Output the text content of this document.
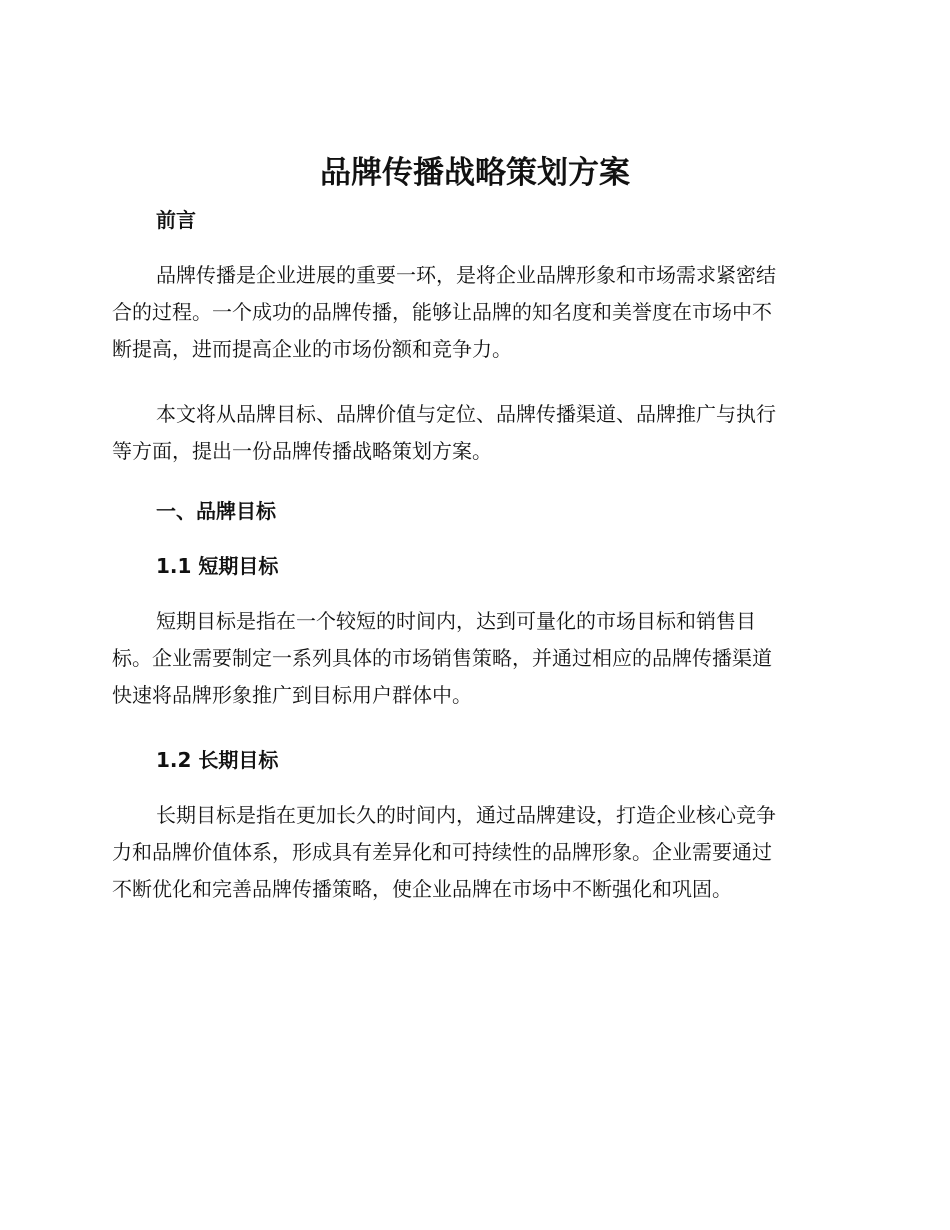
品牌传播战略策划方案
前言

品牌传播是企业进展的重要一环，是将企业品牌形象和市场需求紧密结
合的过程。一个成功的品牌传播，能够让品牌的知名度和美誉度在市场中不
断提高，进而提高企业的市场份额和竞争力。

本文将从品牌目标、品牌价值与定位、品牌传播渠道、品牌推广与执行
等方面，提出一份品牌传播战略策划方案。

一、品牌目标
1.1 短期目标

短期目标是指在一个较短的时间内，达到可量化的市场目标和销售目
标。企业需要制定一系列具体的市场销售策略，并通过相应的品牌传播渠道
快速将品牌形象推广到目标用户群体中。

1.2 长期目标

长期目标是指在更加长久的时间内，通过品牌建设，打造企业核心竞争
力和品牌价值体系，形成具有差异化和可持续性的品牌形象。企业需要通过
不断优化和完善品牌传播策略，使企业品牌在市场中不断强化和巩固。
